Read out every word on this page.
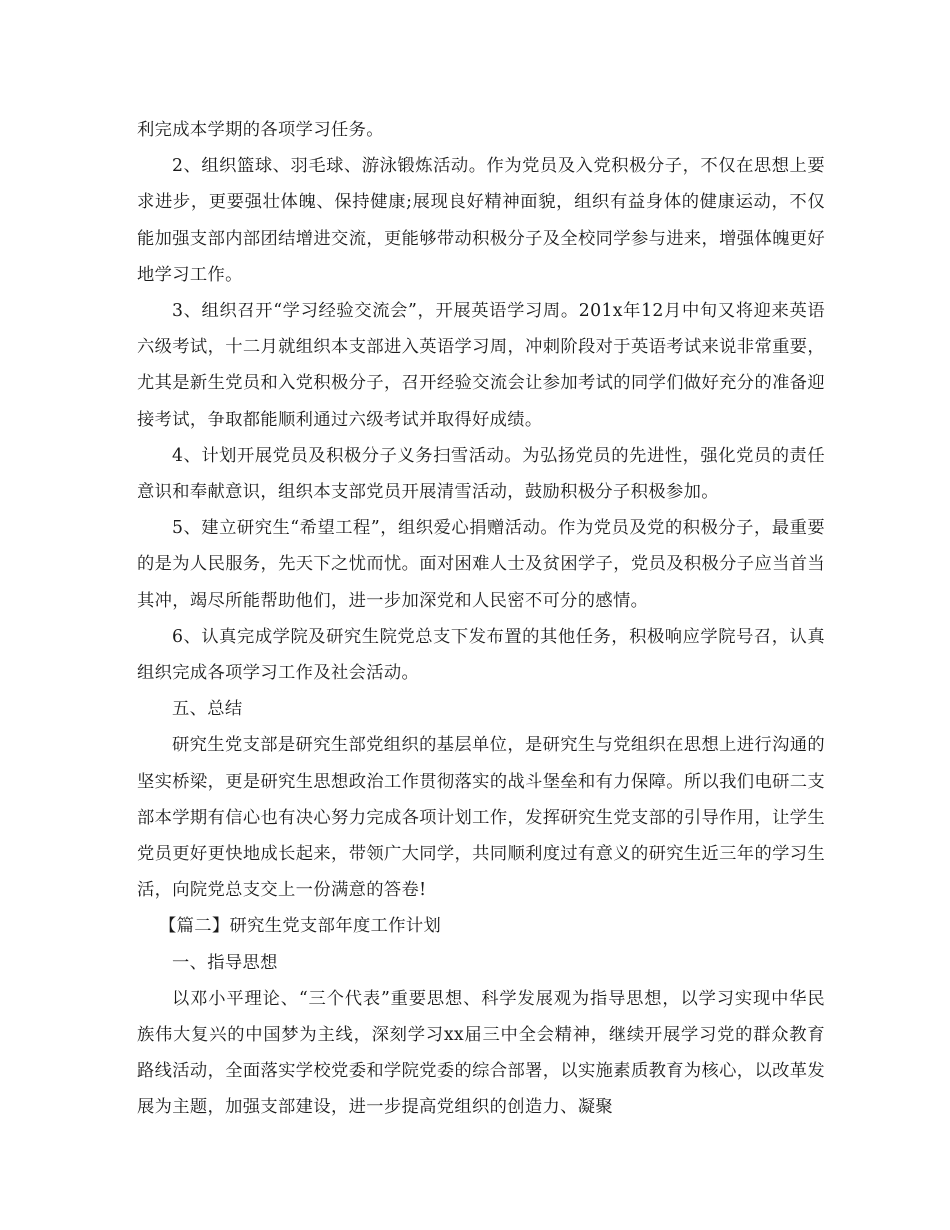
利完成本学期的各项学习任务。

2、组织篮球、羽毛球、游泳锻炼活动。作为党员及入党积极分子，不仅在思想上要求进步，更要强壮体魄、保持健康;展现良好精神面貌，组织有益身体的健康运动，不仅能加强支部内部团结增进交流，更能够带动积极分子及全校同学参与进来，增强体魄更好地学习工作。

3、组织召开“学习经验交流会”，开展英语学习周。201x年12月中旬又将迎来英语六级考试，十二月就组织本支部进入英语学习周，冲刺阶段对于英语考试来说非常重要，尤其是新生党员和入党积极分子，召开经验交流会让参加考试的同学们做好充分的准备迎接考试，争取都能顺利通过六级考试并取得好成绩。

4、计划开展党员及积极分子义务扫雪活动。为弘扬党员的先进性，强化党员的责任意识和奉献意识，组织本支部党员开展清雪活动，鼓励积极分子积极参加。

5、建立研究生“希望工程”，组织爱心捐赠活动。作为党员及党的积极分子，最重要的是为人民服务，先天下之忧而忧。面对困难人士及贫困学子，党员及积极分子应当首当其冲，竭尽所能帮助他们，进一步加深党和人民密不可分的感情。

6、认真完成学院及研究生院党总支下发布置的其他任务，积极响应学院号召，认真组织完成各项学习工作及社会活动。

五、总结

研究生党支部是研究生部党组织的基层单位，是研究生与党组织在思想上进行沟通的坚实桥梁，更是研究生思想政治工作贯彻落实的战斗堡垒和有力保障。所以我们电研二支部本学期有信心也有决心努力完成各项计划工作，发挥研究生党支部的引导作用，让学生党员更好更快地成长起来，带领广大同学，共同顺利度过有意义的研究生近三年的学习生活，向院党总支交上一份满意的答卷!

【篇二】研究生党支部年度工作计划

一、指导思想

以邓小平理论、“三个代表”重要思想、科学发展观为指导思想，以学习实现中华民族伟大复兴的中国梦为主线，深刻学习xx届三中全会精神，继续开展学习党的群众教育路线活动，全面落实学校党委和学院党委的综合部署，以实施素质教育为核心，以改革发展为主题，加强支部建设，进一步提高党组织的创造力、凝聚
